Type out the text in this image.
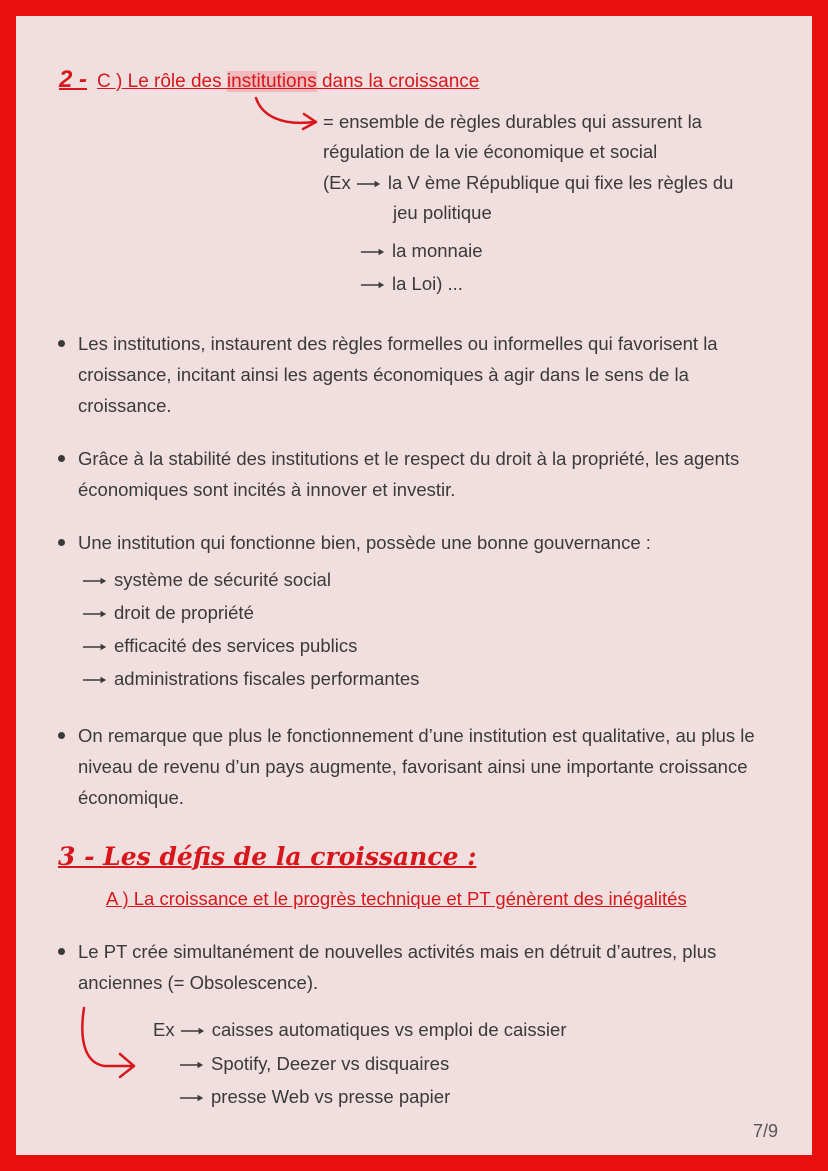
2 - C ) Le rôle des institutions dans la croissance
= ensemble de règles durables qui assurent la
régulation de la vie économique et social
(Ex la V ème République qui fixe les règles du
jeu politique
la monnaie
la Loi) ...
Les institutions, instaurent des règles formelles ou informelles qui favorisent la croissance, incitant ainsi les agents économiques à agir dans le sens de la croissance.
Grâce à la stabilité des institutions et le respect du droit à la propriété, les agents économiques sont incités à innover et investir.
Une institution qui fonctionne bien, possède une bonne gouvernance :
système de sécurité social
droit de propriété
efficacité des services publics
administrations fiscales performantes
On remarque que plus le fonctionnement d’une institution est qualitative, au plus le niveau de revenu d’un pays augmente, favorisant ainsi une importante croissance économique.
3 - Les défis de la croissance :
A ) La croissance et le progrès technique et PT génèrent des inégalités
Le PT crée simultanément de nouvelles activités mais en détruit d’autres, plus anciennes (= Obsolescence).
Ex caisses automatiques vs emploi de caissier
Spotify, Deezer vs disquaires
presse Web vs presse papier
7/9
